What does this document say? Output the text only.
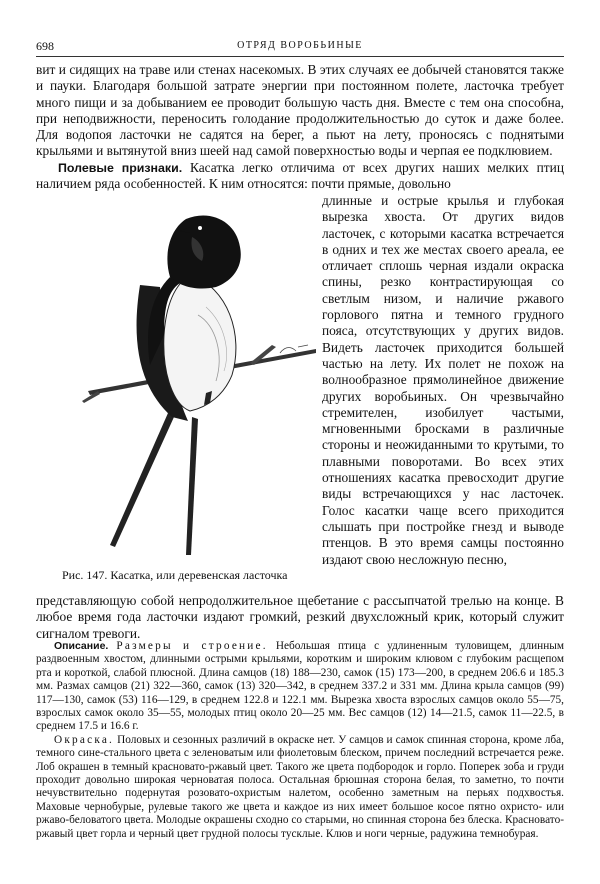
698	ОТРЯД ВОРОБЬИНЫЕ
вит и сидящих на траве или стенах насекомых. В этих случаях ее добычей становятся также и пауки. Благодаря большой затрате энергии при постоянном полете, ласточка требует много пищи и за добыванием ее проводит большую часть дня. Вместе с тем она способна, при неподвижности, переносить голодание продолжительностью до суток и даже более. Для водопоя ласточки не садятся на берег, а пьют на лету, проносясь с поднятыми крыльями и вытянутой вниз шеей над самой поверхностью воды и черпая ее подклювием.

Полевые признаки. Касатка легко отличима от всех других наших мелких птиц наличием ряда особенностей. К ним относятся: почти прямые, довольно

длинные и острые крылья и глубокая вырезка хвоста. От других видов ласточек, с которыми касатка встречается в одних и тех же местах своего ареала, ее отличает сплошь черная издали окраска спины, резко контрастирующая со светлым низом, и наличие ржавого горлового пятна и темного грудного пояса, отсутствующих у других видов. Видеть ласточек приходится большей частью на лету. Их полет не похож на волнообразное прямолинейное движение других воробьиных. Он чрезвычайно стремителен, изобилует частыми, мгновенными бросками в различные стороны и неожиданными то крутыми, то плавными поворотами. Во всех этих отношениях касатка превосходит другие виды встречающихся у нас ласточек. Голос касатки чаще всего приходится слышать при постройке гнезд и выводе птенцов. В это время самцы постоянно издают свою несложную песню,
Рис. 147. Касатка, или деревенская ласточка
представляющую собой непродолжительное щебетание с рассыпчатой трелью на конце. В любое время года ласточки издают громкий, резкий двухсложный крик, который служит сигналом тревоги.

Описание. Размеры и строение. Небольшая птица с удлиненным туловищем, длинным раздвоенным хвостом, длинными острыми крыльями, коротким и широким клювом с глубоким расщепом рта и короткой, слабой плюсной. Длина самцов (18) 188—230, самок (15) 173—200, в среднем 206.6 и 185.3 мм. Размах самцов (21) 322—360, самок (13) 320—342, в среднем 337.2 и 331 мм. Длина крыла самцов (99) 117—130, самок (53) 116—129, в среднем 122.8 и 122.1 мм. Вырезка хвоста взрослых самцов около 55—75, взрослых самок около 35—55, молодых птиц около 20—25 мм. Вес самцов (12) 14—21.5, самок 11—22.5, в среднем 17.5 и 16.6 г.

Окраска. Половых и сезонных различий в окраске нет. У самцов и самок спинная сторона, кроме лба, темного сине-стального цвета с зеленоватым или фиолетовым блеском, причем последний встречается реже. Лоб окрашен в темный красновато-ржавый цвет. Такого же цвета подбородок и горло. Поперек зоба и груди проходит довольно широкая черноватая полоса. Остальная брюшная сторона белая, то заметно, то почти нечувствительно подернутая розовато-охристым налетом, особенно заметным на перьях подхвостья. Маховые чернобурые, рулевые такого же цвета и каждое из них имеет большое косое пятно охристо- или ржаво-беловатого цвета. Молодые окрашены сходно со старыми, но спинная сторона без блеска. Красновато-ржавый цвет горла и черный цвет грудной полосы тусклые. Клюв и ноги черные, радужина темнобурая.
